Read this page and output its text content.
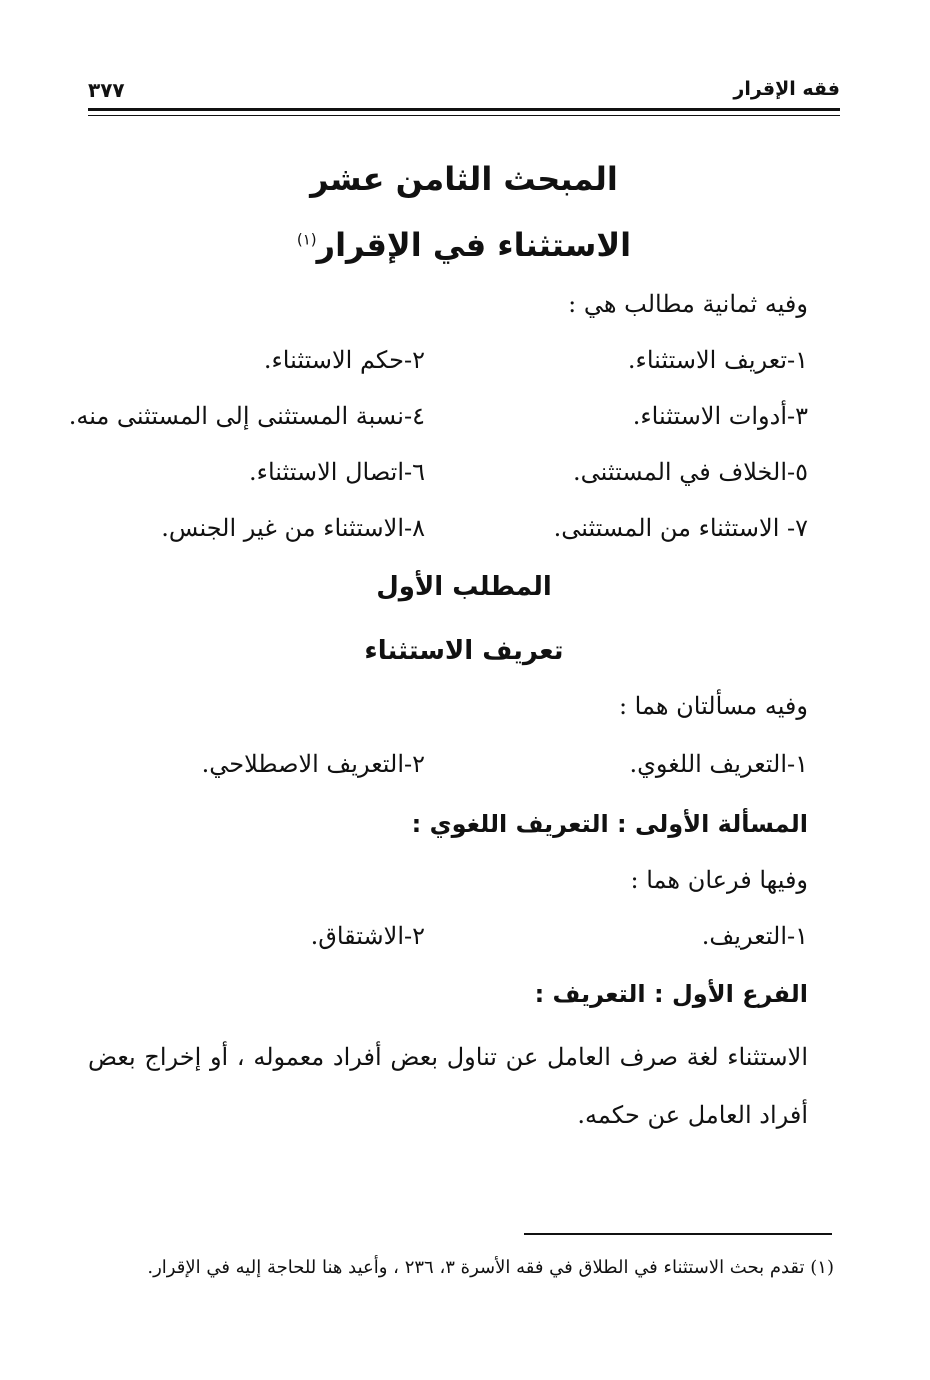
فقه الإقرار
٣٧٧
المبحث الثامن عشر
الاستثناء في الإقرار$^{(١)}$
وفيه ثمانية مطالب هي :
١-تعريف الاستثناء.
٢-حكم الاستثناء.
٣-أدوات الاستثناء.
٤-نسبة المستثنى إلى المستثنى منه.
٥-الخلاف في المستثنى.
٦-اتصال الاستثناء.
٧- الاستثناء من المستثنى.
٨-الاستثناء من غير الجنس.
المطلب الأول
تعريف الاستثناء
وفيه مسألتان هما :
١-التعريف اللغوي.
٢-التعريف الاصطلاحي.
المسألة الأولى : التعريف اللغوي :
وفيها فرعان هما :
١-التعريف.
٢-الاشتقاق.
الفرع الأول : التعريف :
الاستثناء لغة صرف العامل عن تناول بعض أفراد معموله ، أو إخراج بعض أفراد العامل عن حكمه.
(١) تقدم بحث الاستثناء في الطلاق في فقه الأسرة ٣، ٢٣٦ ، وأعيد هنا للحاجة إليه في الإقرار.
